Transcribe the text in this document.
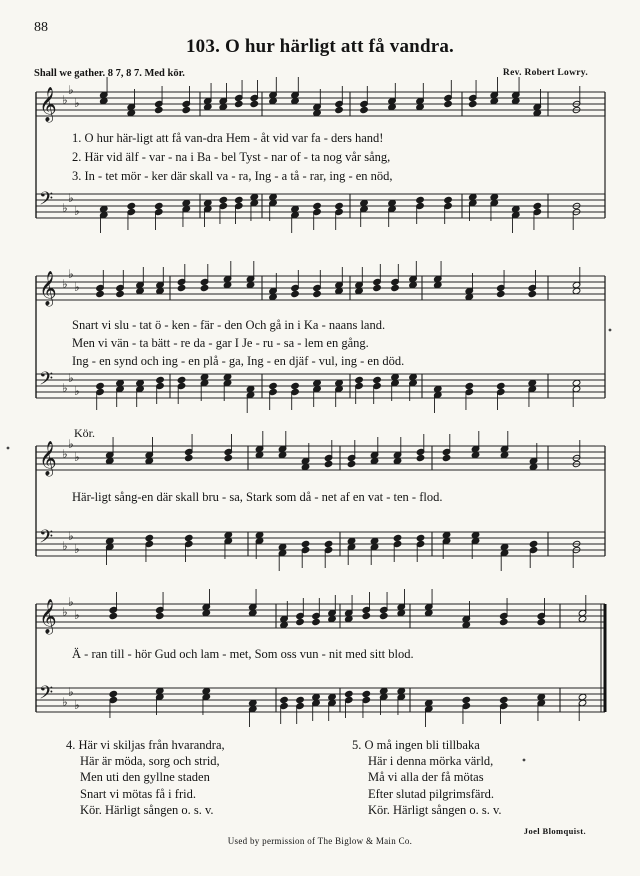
88
103. O hur härligt att få vandra.
Shall we gather. 8 7, 8 7. Med kör.	Rev. Robert Lowry.
𝄞 ♭
♭
♭
𝄢 ♭
♭
♭
𝄞 ♭
♭
♭
𝄢 ♭
♭
♭
𝄞 ♭
♭
♭
𝄢 ♭
♭
♭
𝄞 ♭
♭
♭
𝄢 ♭
♭
♭
1. O hur här-ligt att få van-dra Hem - åt vid var fa - ders hand!
2. Här vid älf - var - na i Ba - bel Tyst - nar of - ta nog vår sång,
3. In - tet mör - ker där skall va - ra, Ing - a tå - rar, ing - en nöd,
Snart vi slu - tat ö - ken - fär - den Och gå in i Ka - naans land.
Men vi vän - ta bätt - re da - gar I Je - ru - sa - lem en gång.
Ing - en synd och ing - en plå - ga, Ing - en djäf - vul, ing - en död.
Kör.
Här-ligt sång-en där skall bru - sa, Stark som då - net af en vat - ten - flod.
Ä - ran till - hör Gud och lam - met, Som oss vun - nit med sitt blod.
4. Här vi skiljas från hvarandra,
Här är möda, sorg och strid,
Men uti den gyllne staden
Snart vi mötas få i frid.
Kör. Härligt sången o. s. v.
5. O må ingen bli tillbaka
Här i denna mörka värld,
Må vi alla der få mötas
Efter slutad pilgrimsfärd.
Kör. Härligt sången o. s. v.
Joel Blomquist.
Used by permission of The Biglow & Main Co.
